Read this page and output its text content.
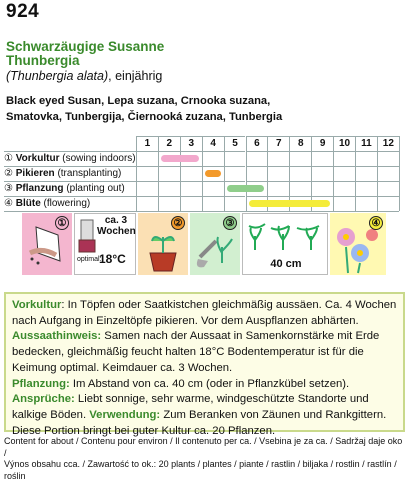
924
Schwarzäugige Susanne
Thunbergia
(Thunbergia alata), einjährig
Black eyed Susan, Lepa suzana, Crnooka suzana,
Smatovka, Tunbergija, Čiernooká zuzana, Tunbergia
1	2	3	4	5	6	7	8	9	10	11	12
① Vorkultur (sowing indoors)
② Pikieren (transplanting)
③ Pflanzung (planting out)
④ Blüte (flowering)
①	ca. 3
Wochen
optimal:
18°C
②	③
40 cm
④

Vorkultur: In Töpfen oder Saatkistchen gleichmäßig aussäen. Ca. 4 Wochen nach Aufgang in Einzeltöpfe pikieren. Vor dem Auspflanzen abhärten.

Aussaathinweis: Samen nach der Aussaat in Samenkornstärke mit Erde bedecken, gleichmäßig feucht halten 18°C Bodentemperatur ist für die Keimung optimal. Keimdauer ca. 3 Wochen.

Pflanzung: Im Abstand von ca. 40 cm (oder in Pflanzkübel setzen).

Ansprüche: Liebt sonnige, sehr warme, windgeschützte Standorte und kalkige Böden. Verwendung: Zum Beranken von Zäunen und Rankgittern.

Diese Portion bringt bei guter Kultur ca. 20 Pflanzen.

Content for about / Contenu pour environ / Il contenuto per ca. / Vsebina je za ca. / Sadržaj daje oko /
Výnos obsahu cca. / Zawartość to ok.: 20 plants / plantes / piante / rastlin / biljaka / rostlin / rastlín / roślin
